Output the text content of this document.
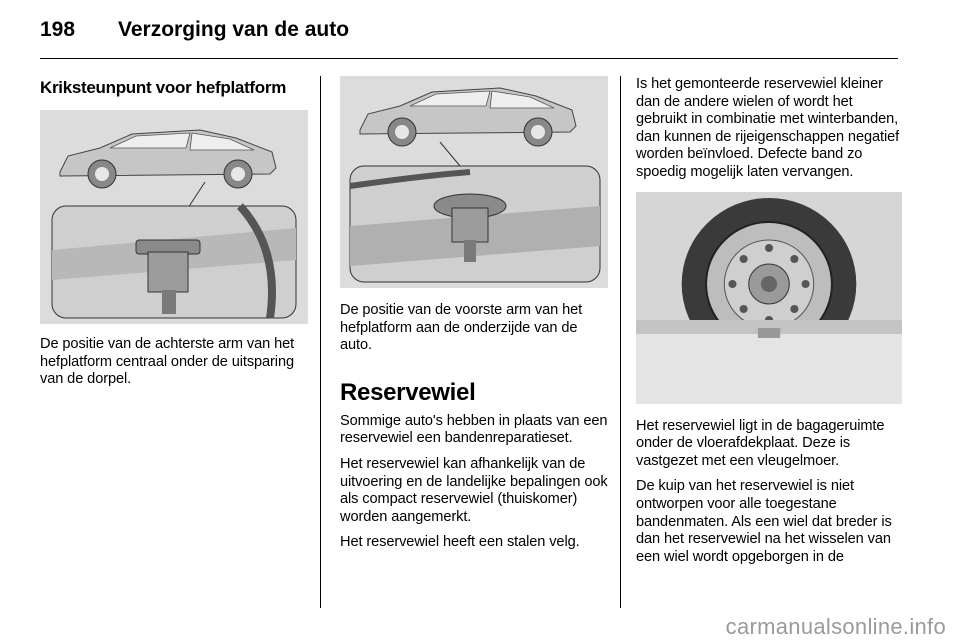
198	Verzorging van de auto
Kriksteunpunt voor hefplatform

De positie van de achterste arm van het hefplatform centraal onder de uitsparing van de dorpel.

De positie van de voorste arm van het hefplatform aan de onderzijde van de auto.

Reservewiel

Sommige auto's hebben in plaats van een reservewiel een bandenreparatieset.

Het reservewiel kan afhankelijk van de uitvoering en de landelijke bepalingen ook als compact reservewiel (thuiskomer) worden aangemerkt.

Het reservewiel heeft een stalen velg.

Is het gemonteerde reservewiel kleiner dan de andere wielen of wordt het gebruikt in combinatie met winterbanden, dan kunnen de rijeigenschappen negatief worden beïnvloed. Defecte band zo spoedig mogelijk laten vervangen.

Het reservewiel ligt in de bagageruimte onder de vloerafdekplaat. Deze is vastgezet met een vleugelmoer.

De kuip van het reservewiel is niet ontworpen voor alle toegestane bandenmaten. Als een wiel dat breder is dan het reservewiel na het wisselen van een wiel wordt opgeborgen in de

carmanualsonline.info
